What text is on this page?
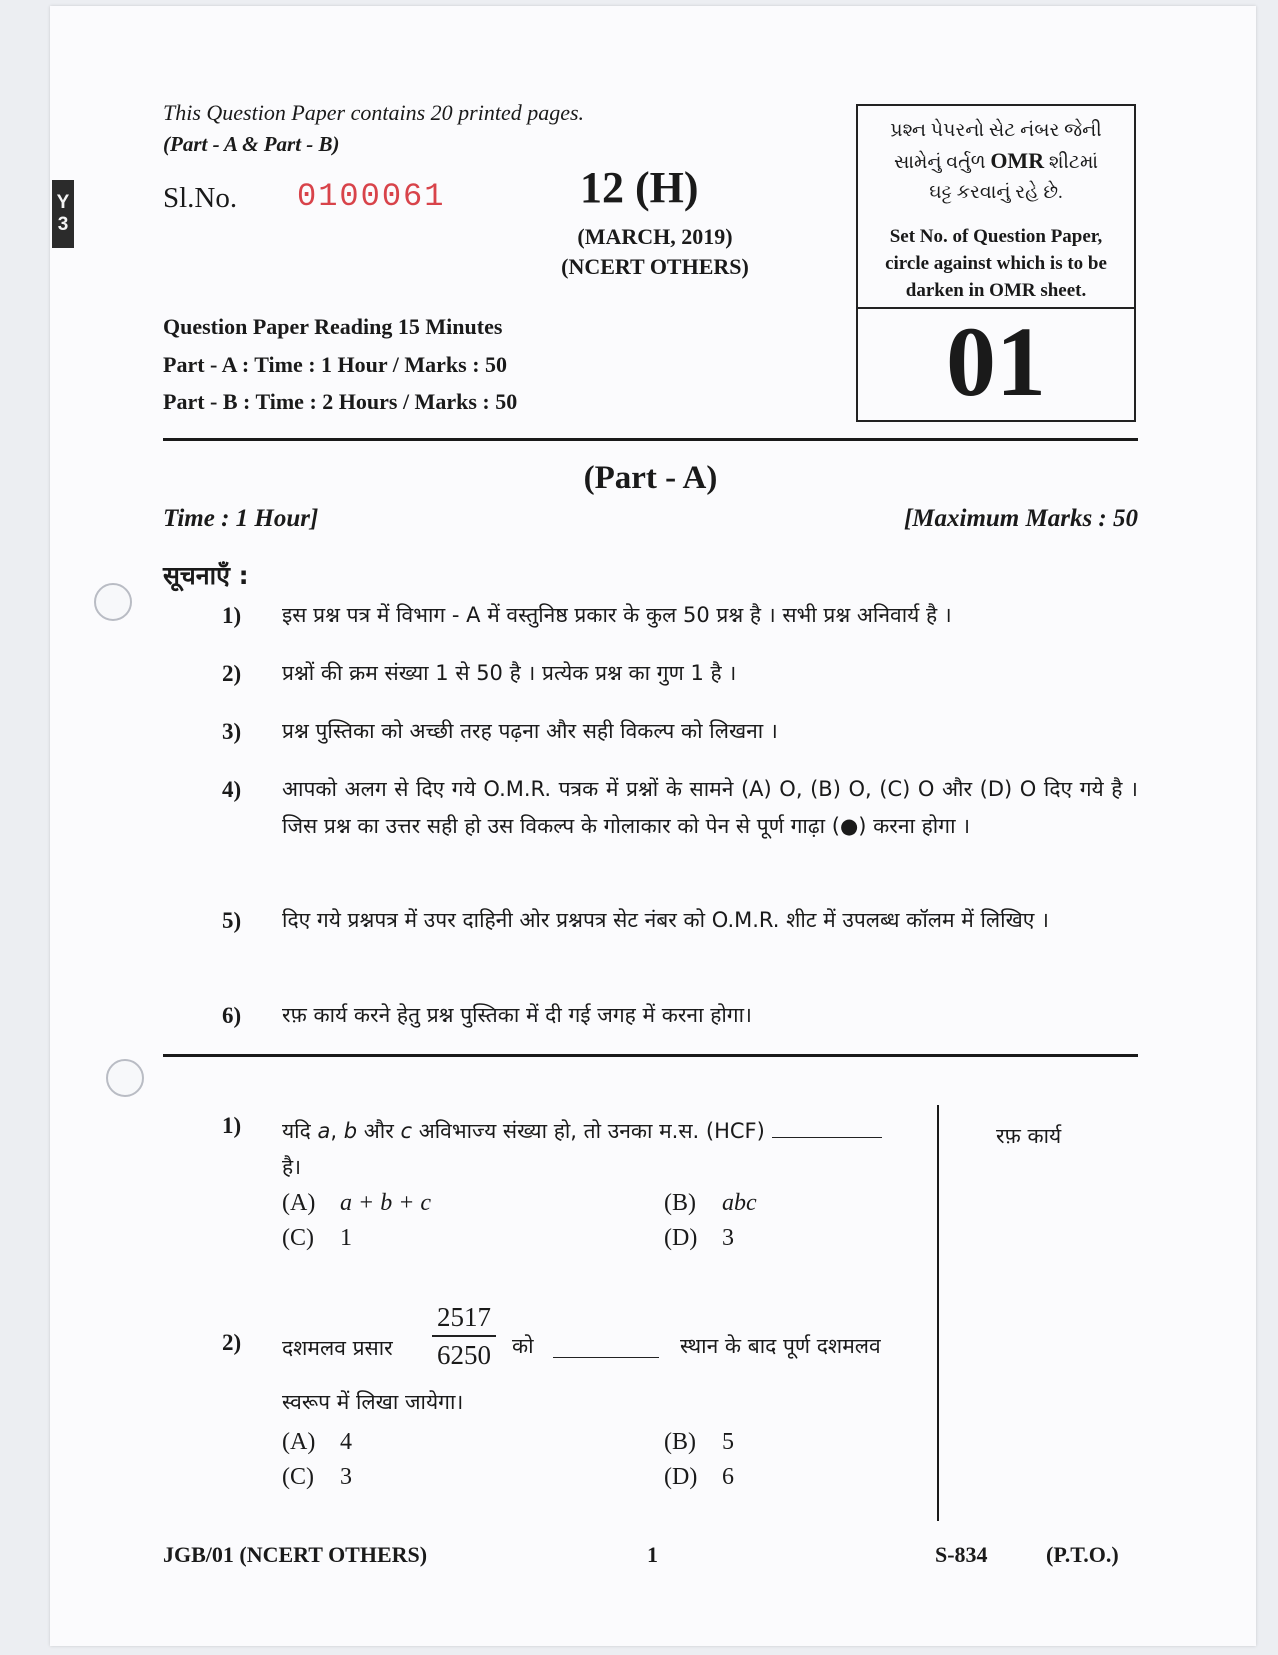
Y
3
This Question Paper contains 20 printed pages.
(Part - A & Part - B)
Sl.No. 0100061	12 (H)
(MARCH, 2019)
(NCERT OTHERS)
પ્રશ્ન પેપરનો સેટ નંબર જેની
સામેનું વર્તુળ OMR શીટમાં
ઘટ્ટ કરવાનું રહે છે.
Set No. of Question Paper,
circle against which is to be
darken in OMR sheet.
01
Question Paper Reading 15 Minutes
Part - A : Time : 1 Hour / Marks : 50
Part - B : Time : 2 Hours / Marks : 50
(Part - A)
Time : 1 Hour]	[Maximum Marks : 50
सूचनाएँ :
1) इस प्रश्न पत्र में विभाग - A में वस्तुनिष्ठ प्रकार के कुल 50 प्रश्न है । सभी प्रश्न अनिवार्य है ।
2) प्रश्नों की क्रम संख्या 1 से 50 है । प्रत्येक प्रश्न का गुण 1 है ।
3) प्रश्न पुस्तिका को अच्छी तरह पढ़ना और सही विकल्प को लिखना ।
4) आपको अलग से दिए गये O.M.R. पत्रक में प्रश्नों के सामने (A) O, (B) O, (C) O और (D) O दिए गये है । जिस प्रश्न का उत्तर सही हो उस विकल्प के गोलाकार को पेन से पूर्ण गाढ़ा (●) करना होगा ।
5) दिए गये प्रश्नपत्र में उपर दाहिनी ओर प्रश्नपत्र सेट नंबर को O.M.R. शीट में उपलब्ध कॉलम में लिखिए ।
6) रफ़ कार्य करने हेतु प्रश्न पुस्तिका में दी गई जगह में करना होगा।
रफ़ कार्य
1) यदि a, b और c अविभाज्य संख्या हो, तो उनका म.स. (HCF)
है।
(A) a + b + c	(B) abc
(C) 1	(D) 3
2) दशमलव प्रसार	$\frac{2517}{6250}$ को	स्थान के बाद पूर्ण दशमलव
स्वरूप में लिखा जायेगा।
(A) 4	(B) 5
(C) 3	(D) 6
JGB/01 (NCERT OTHERS)	1	S-834	(P.T.O.)
